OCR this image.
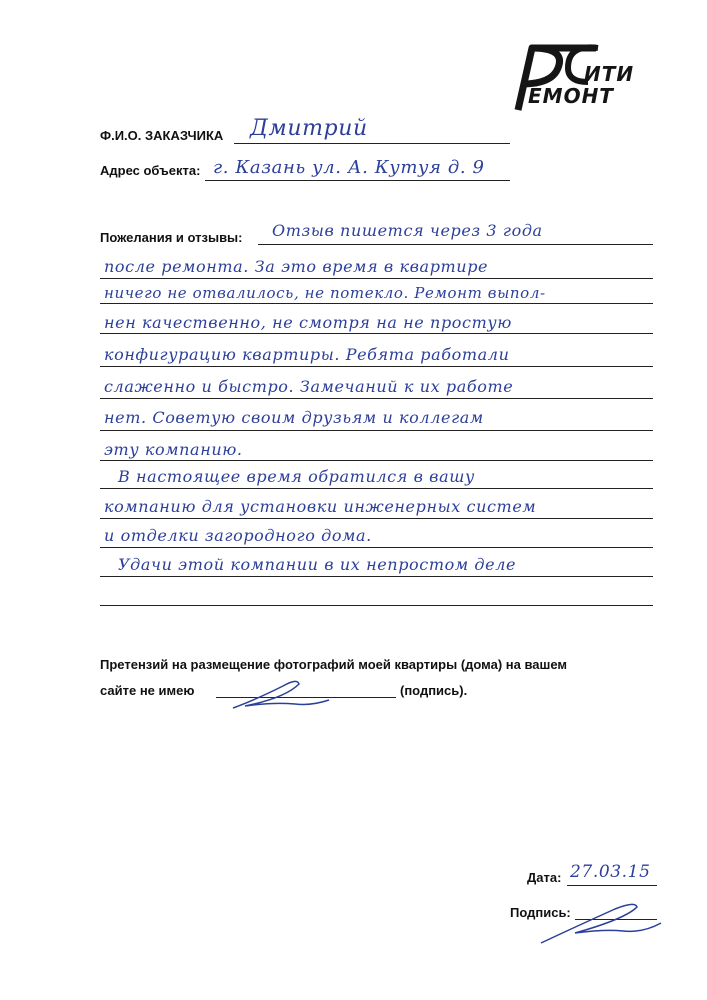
ИТИ
ЕМОНТ
Ф.И.О. ЗАКАЗЧИКА Дмитрий
Адрес объекта: г. Казань ул. А. Кутуя д. 9
Пожелания и отзывы: Отзыв пишется через 3 года
после ремонта. За это время в квартире
ничего не отвалилось, не потекло. Ремонт выпол-
нен качественно, не смотря на не простую
конфигурацию квартиры. Ребята работали
слаженно и быстро. Замечаний к их работе
нет. Советую своим друзьям и коллегам
эту компанию.
В настоящее время обратился в вашу
компанию для установки инженерных систем
и отделки загородного дома.
Удачи этой компании в их непростом деле
Претензий на размещение фотографий моей квартиры (дома) на вашем
сайте не имею	(подпись).
Дата: 27.03.15
Подпись:
